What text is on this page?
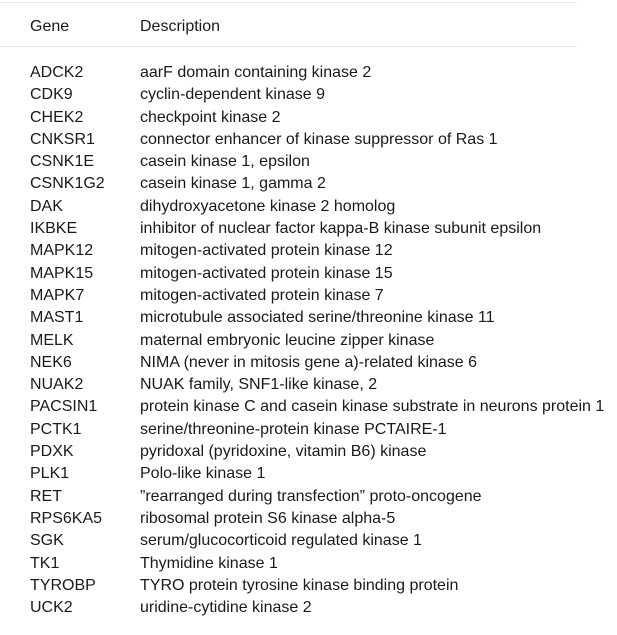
Gene	Description
ADCK2	aarF domain containing kinase 2
CDK9	cyclin-dependent kinase 9
CHEK2	checkpoint kinase 2
CNKSR1	connector enhancer of kinase suppressor of Ras 1
CSNK1E	casein kinase 1, epsilon
CSNK1G2 casein kinase 1, gamma 2
DAK	dihydroxyacetone kinase 2 homolog
IKBKE	inhibitor of nuclear factor kappa-B kinase subunit epsilon
MAPK12	mitogen-activated protein kinase 12
MAPK15	mitogen-activated protein kinase 15
MAPK7	mitogen-activated protein kinase 7
MAST1	microtubule associated serine/threonine kinase 11
MELK	maternal embryonic leucine zipper kinase
NEK6	NIMA (never in mitosis gene a)-related kinase 6
NUAK2	NUAK family, SNF1-like kinase, 2
PACSIN1	protein kinase C and casein kinase substrate in neurons protein 1
PCTK1	serine/threonine-protein kinase PCTAIRE-1
PDXK	pyridoxal (pyridoxine, vitamin B6) kinase
PLK1	Polo-like kinase 1
RET	”rearranged during transfection” proto-oncogene
RPS6KA5 ribosomal protein S6 kinase alpha-5
SGK	serum/glucocorticoid regulated kinase 1
TK1	Thymidine kinase 1
TYROBP	TYRO protein tyrosine kinase binding protein
UCK2	uridine-cytidine kinase 2
